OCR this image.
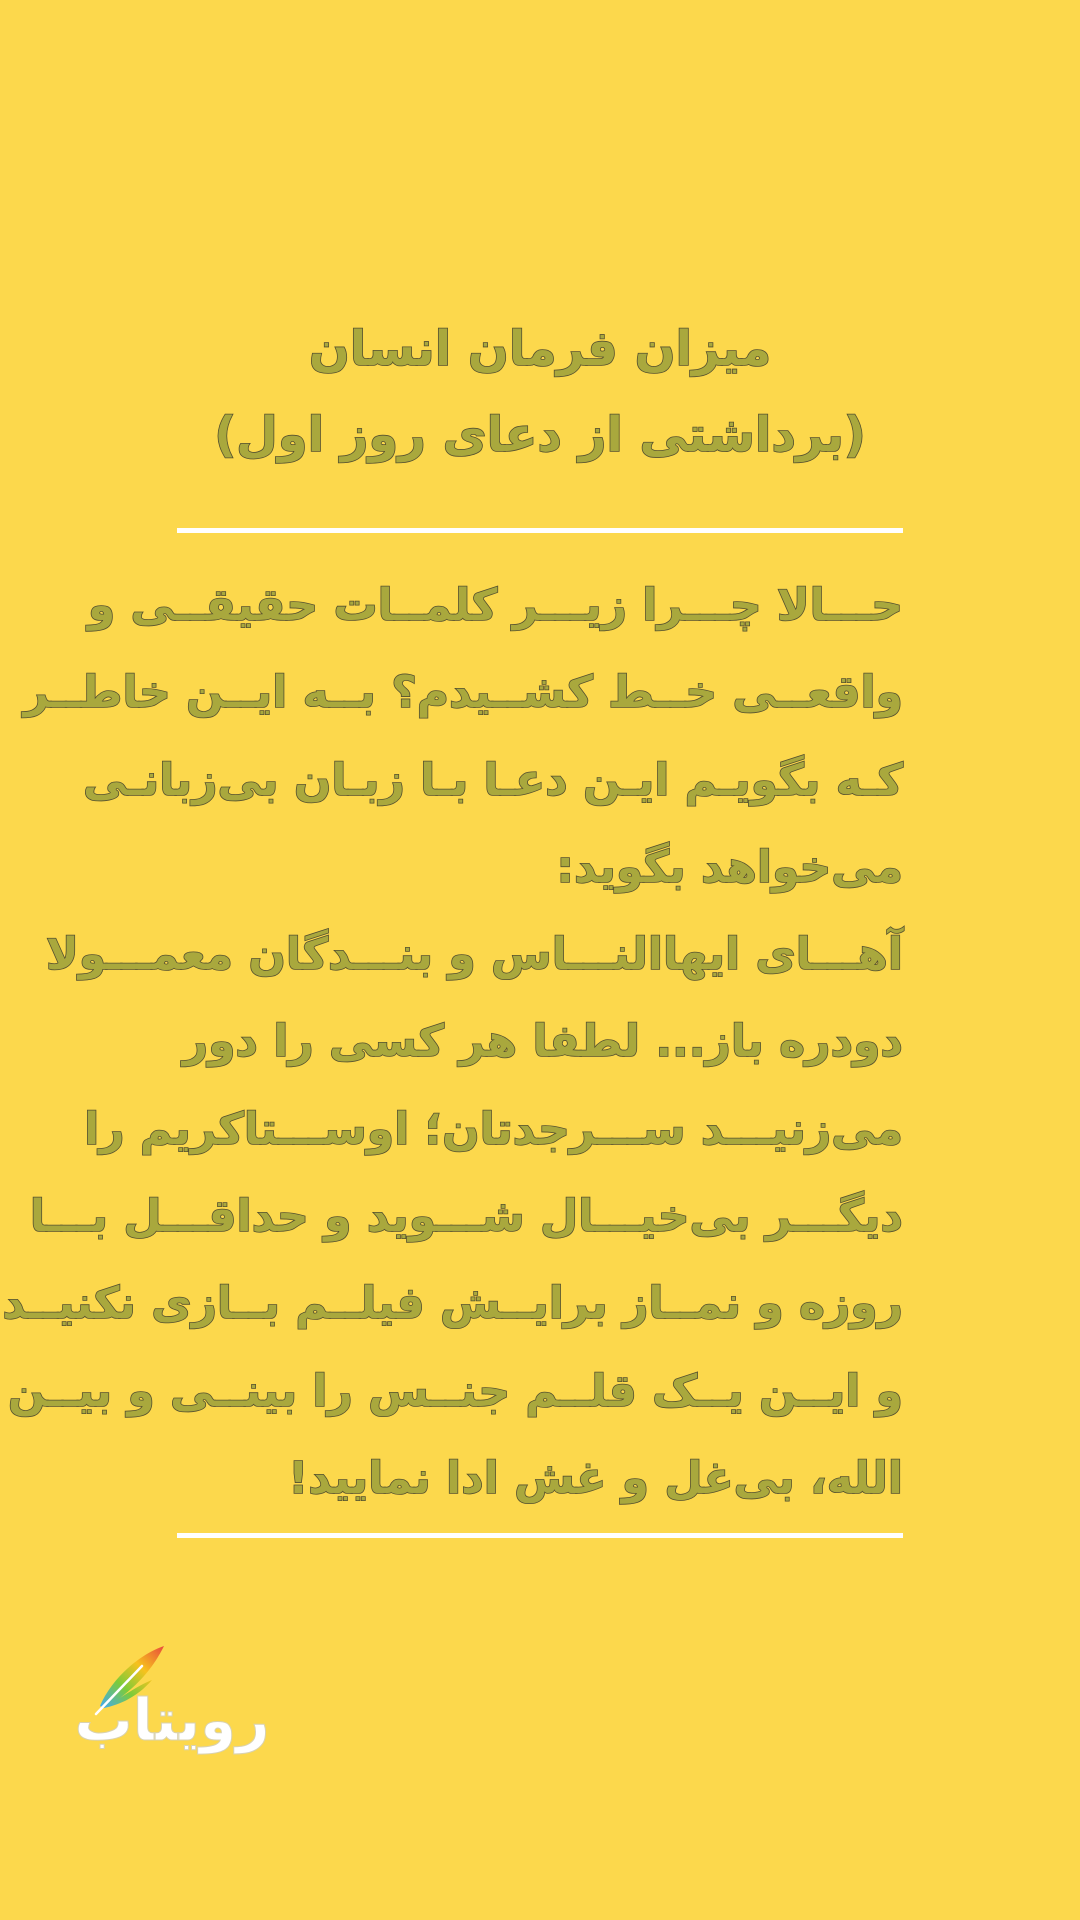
میزان فرمان انسان
(برداشتی از دعای روز اول)
حـــالا چـــرا زیـــر کلمــات حقیقــی و
واقعــی خــط کشــیدم؟ بــه ایــن خاطــر
کـه بگویـم ایـن دعـا بـا زبـان بی‌زبانـی
می‌خواهد بگوید:
آهـــای ایهاالنـــاس و بنـــدگان معمـــولا
دودره باز... لطفا هر کسی را دور
می‌زنیـــد ســـرجدتان؛ اوســـتاکریم را
دیگـــر بی‌خیـــال شـــوید و حداقـــل بـــا
روزه و نمــاز برایــش فیلــم بــازی نکنیــد
و ایــن یــک قلــم جنــس را بینــی و بیــن
الله، بی‌غل و غش ادا نمایید!
رویتاب
